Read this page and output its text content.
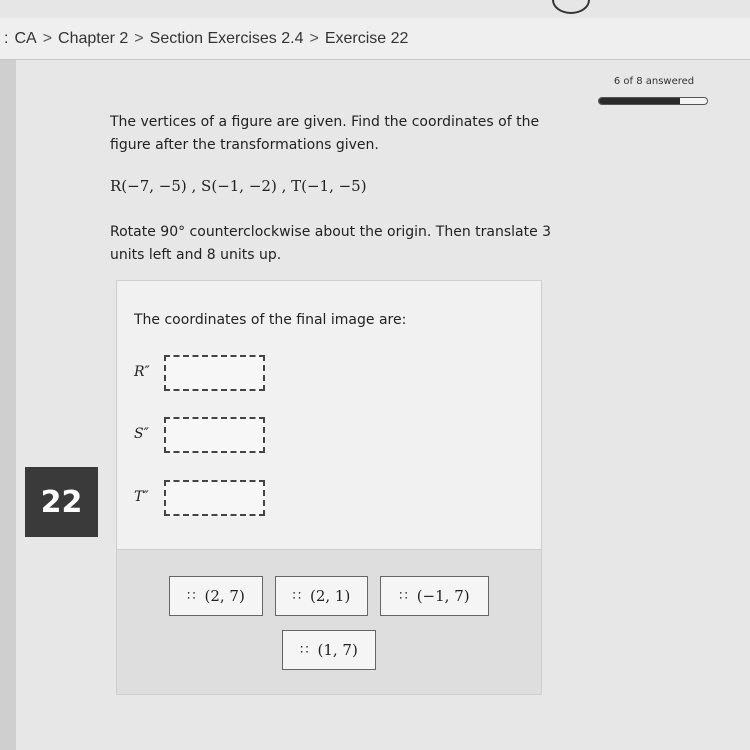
: CA > Chapter 2 > Section Exercises 2.4 > Exercise 22
6 of 8 answered
The vertices of a figure are given. Find the coordinates of the figure after the transformations given.
R(−7, −5) , S(−1, −2) , T(−1, −5)
Rotate 90° counterclockwise about the origin. Then translate 3 units left and 8 units up.
The coordinates of the final image are:
R″
S″
T″
∷ (2, 7)	∷ (2, 1)	∷ (−1, 7)
∷ (1, 7)
22
